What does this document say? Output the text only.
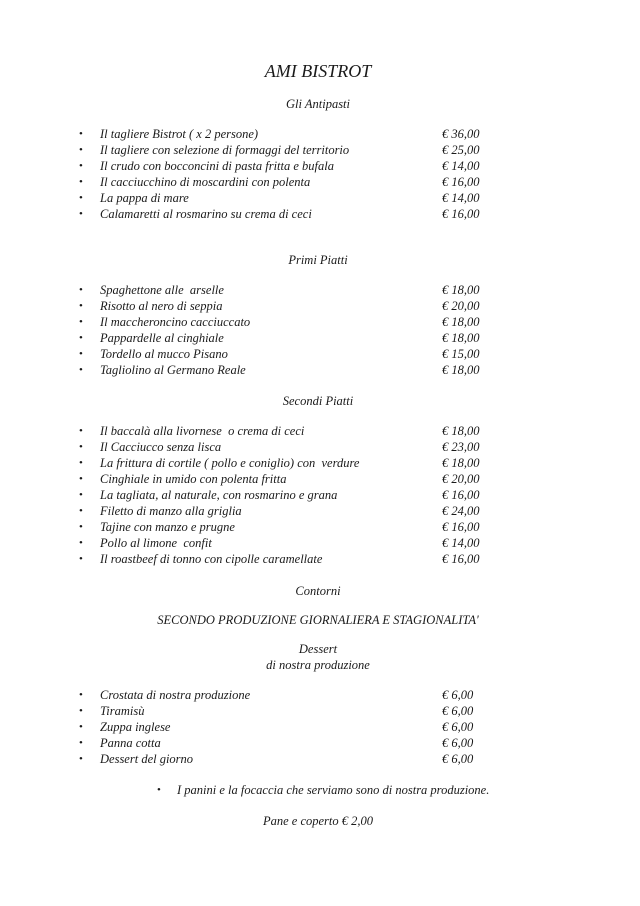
AMI BISTROT
Gli Antipasti
• Il tagliere Bistrot ( x 2 persone)	€ 36,00
• Il tagliere con selezione di formaggi del territorio	€ 25,00
• Il crudo con bocconcini di pasta fritta e bufala	€ 14,00
• Il cacciucchino di moscardini con polenta	€ 16,00
• La pappa di mare	€ 14,00
• Calamaretti al rosmarino su crema di ceci	€ 16,00
Primi Piatti
• Spaghettone alle  arselle	€ 18,00
• Risotto al nero di seppia	€ 20,00
• Il maccheroncino cacciuccato	€ 18,00
• Pappardelle al cinghiale	€ 18,00
• Tordello al mucco Pisano	€ 15,00
• Tagliolino al Germano Reale	€ 18,00
Secondi Piatti
• Il baccalà alla livornese  o crema di ceci	€ 18,00
• Il Cacciucco senza lisca	€ 23,00
• La frittura di cortile ( pollo e coniglio) con  verdure	€ 18,00
• Cinghiale in umido con polenta fritta	€ 20,00
• La tagliata, al naturale, con rosmarino e grana	€ 16,00
• Filetto di manzo alla griglia	€ 24,00
• Tajine con manzo e prugne	€ 16,00
• Pollo al limone  confit	€ 14,00
• Il roastbeef di tonno con cipolle caramellate	€ 16,00
Contorni
SECONDO PRODUZIONE GIORNALIERA E STAGIONALITA'
Dessert
di nostra produzione
• Crostata di nostra produzione	€ 6,00
• Tiramisù	€ 6,00
• Zuppa inglese	€ 6,00
• Panna cotta	€ 6,00
• Dessert del giorno	€ 6,00
• I panini e la focaccia che serviamo sono di nostra produzione.
Pane e coperto € 2,00
